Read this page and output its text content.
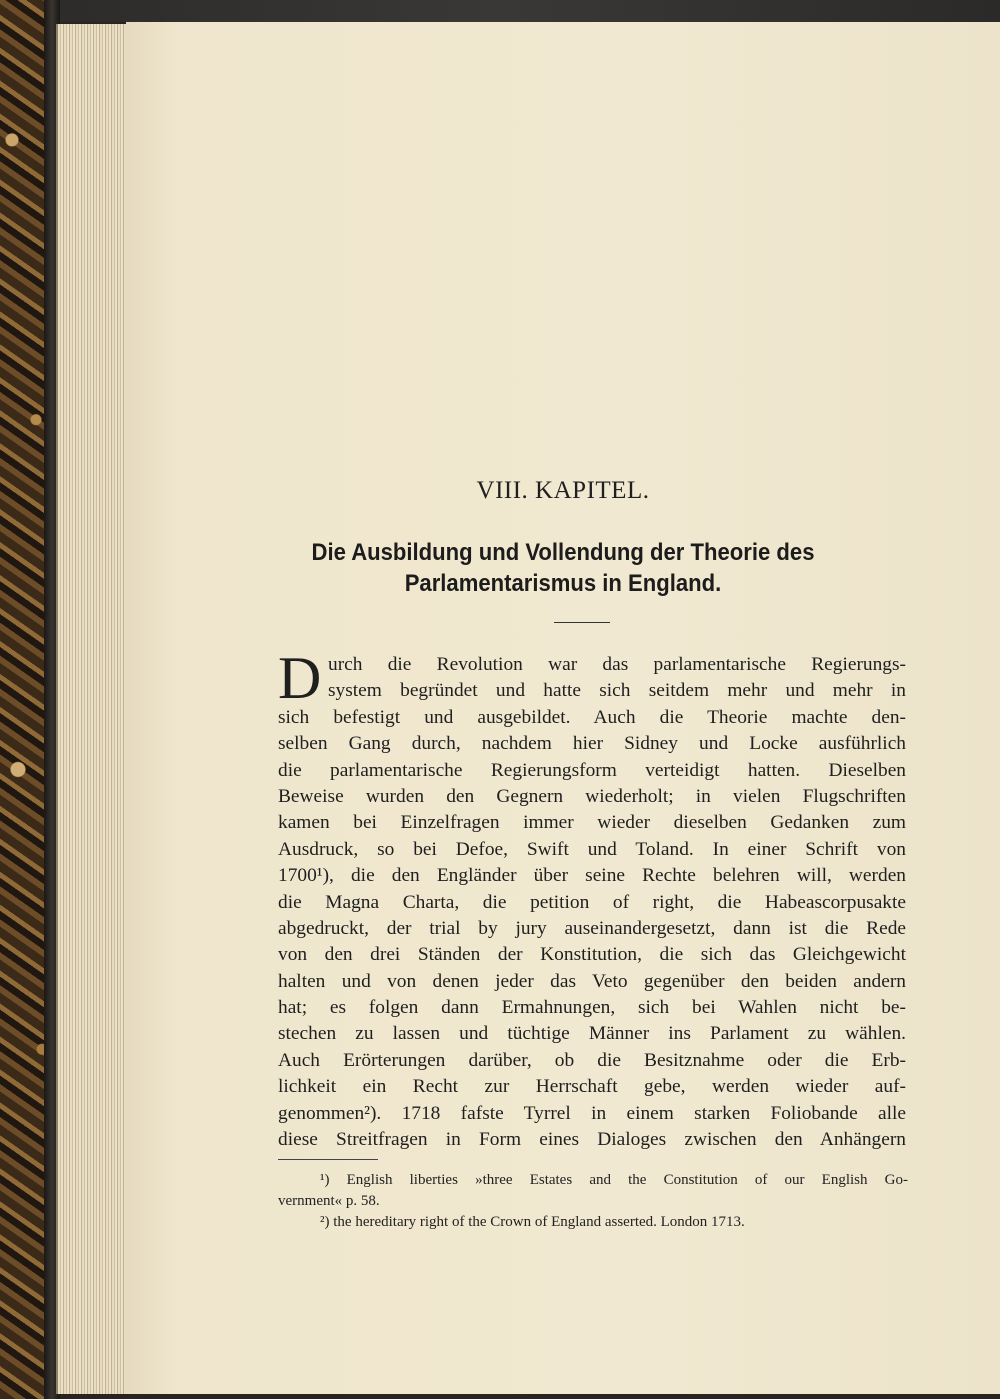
VIII. KAPITEL.
Die Ausbildung und Vollendung der Theorie des
Parlamentarismus in England.
D urch die Revolution war das parlamentarische Regierungs-
system begründet und hatte sich seitdem mehr und mehr in
sich befestigt und ausgebildet. Auch die Theorie machte den-
selben Gang durch, nachdem hier Sidney und Locke ausführlich
die parlamentarische Regierungsform verteidigt hatten. Dieselben
Beweise wurden den Gegnern wiederholt; in vielen Flugschriften
kamen bei Einzelfragen immer wieder dieselben Gedanken zum
Ausdruck, so bei Defoe, Swift und Toland. In einer Schrift von
1700¹), die den Engländer über seine Rechte belehren will, werden
die Magna Charta, die petition of right, die Habeascorpusakte
abgedruckt, der trial by jury auseinandergesetzt, dann ist die Rede
von den drei Ständen der Konstitution, die sich das Gleichgewicht
halten und von denen jeder das Veto gegenüber den beiden andern
hat; es folgen dann Ermahnungen, sich bei Wahlen nicht be-
stechen zu lassen und tüchtige Männer ins Parlament zu wählen.
Auch Erörterungen darüber, ob die Besitznahme oder die Erb-
lichkeit ein Recht zur Herrschaft gebe, werden wieder auf-
genommen²). 1718 fafste Tyrrel in einem starken Foliobande alle
diese Streitfragen in Form eines Dialoges zwischen den Anhängern
¹) English liberties »three Estates and the Constitution of our English Go-
vernment« p. 58.
²) the hereditary right of the Crown of England asserted. London 1713.
